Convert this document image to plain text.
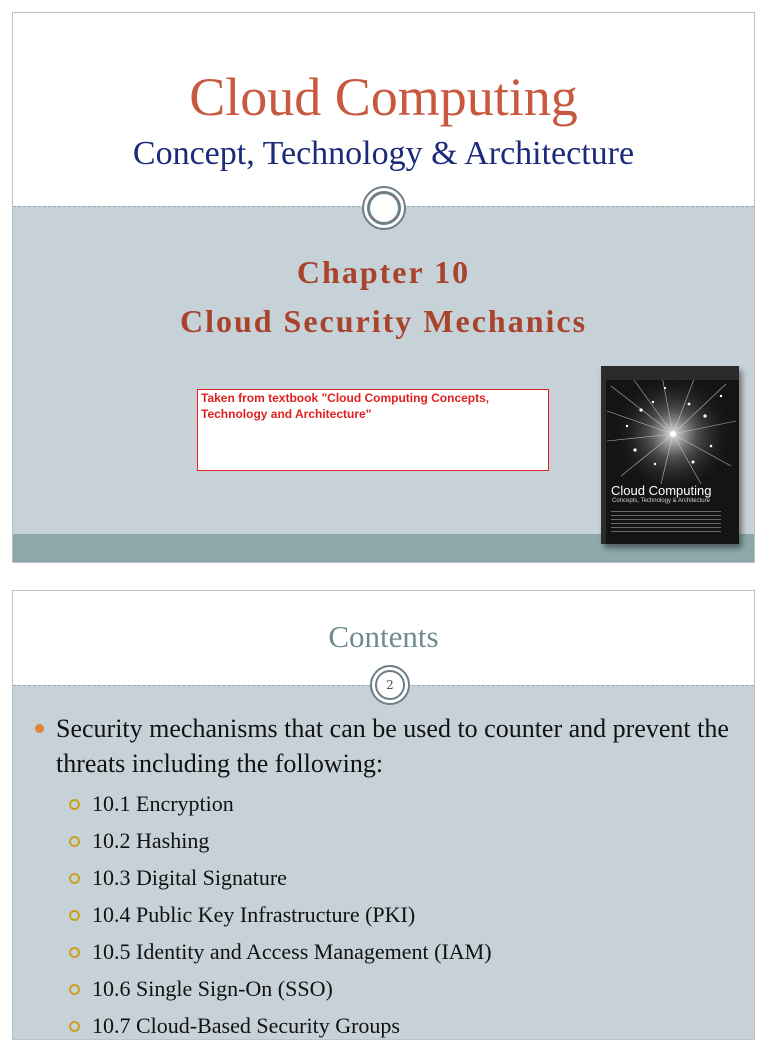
Cloud Computing
Concept, Technology & Architecture
Chapter 10
Cloud Security Mechanics
Taken from textbook "Cloud Computing Concepts, Technology and Architecture"
Cloud Computing
Concepts, Technology & Architecture
Contents
2
Security mechanisms that can be used to counter and prevent the threats including the following:
10.1 Encryption
10.2 Hashing
10.3 Digital Signature
10.4 Public Key Infrastructure (PKI)
10.5 Identity and Access Management (IAM)
10.6 Single Sign-On (SSO)
10.7 Cloud-Based Security Groups
